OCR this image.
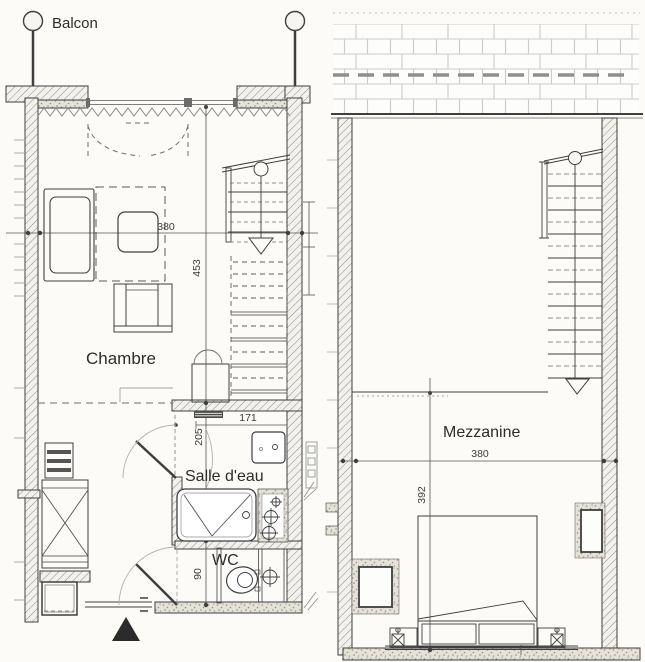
Balcon
380
453
205
90
171
Chambre
Salle d'eau
WC
Mezzanine
380
392
